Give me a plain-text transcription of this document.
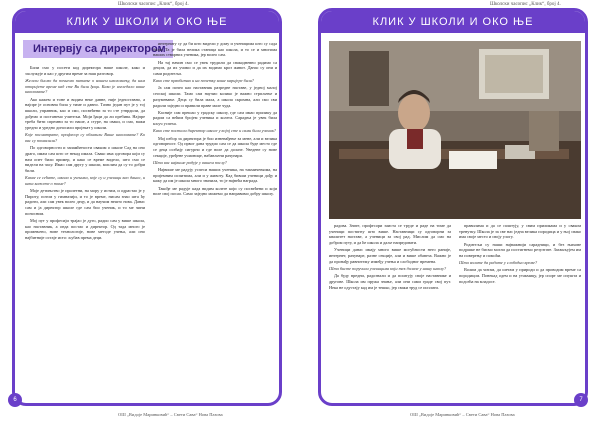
Школски часопис „Клик“, број 4.
КЛИК У ШКОЛИ И ОКО ЊЕ
Интервју са директором

Били смо у посети код директора наше школе, како и заслужује и као у другим време за нaш разговор.

Желели бисмо да почнемо питање о вашем школовању, да нам откријете време кад сте Ви били ђаци. Како је изгледало ваше школовање?

Ако кажем и тоне и видим неке давне, није једноставно, а најпре је основна била у тиме и давно. Тачно један пут је у тој школи, управник, као и смо, посвећени за то сте утврдили, да дођемо и постанемо учитељи. Моји ђаци да ли пребива. Најпре треба бити спремни за то наше, а стуре, на сваки, и смо, важи уредно и уредно доносили пројекат у школи.

Које посматрате, професор су облавили Ваше школовање? Ко вас су похвалили?

По одговорности и запамћености сваким о школе Сад на оно драго, имам сам што се некад имала. Свако има одговора који су нам опет били пример, и како се време видело, што смо се видели на часу. Имао сам другу у школи, мислим да су то добри били.

Какве се сећате, школа и ученика, које су и ученици као данас, и шта кажете о томе?

Моје детињство је пролетни, на мору у истим, и одрастао је у Пироту, потом у гимназији, и то је време, нисам знао шта ћу радити, али сам увек волео децу, и да научим нешто нова. Данас сам и ја директор школе где сам био ученик, и то ме чини поносним.

Мој пут у професији трајао је дуго, радио сам у више школа, као наставник, а онда постао и директор. Од тада много је промењено, нове технологије, нове методе учења, али оно најбитније остаје исто: љубав према деци.

интернату су да би што видели у дому и ученицима што су сада били. Та је била велика станица као школа, и то се и многима наших стварних ученика, јер волео сам.

На тај начин смо се увек трудили да свакодневно радимо са децом, да их учимо и да их водимо кроз живот. Данас су они и сами родитељи.

Како сте првобитно и на почетку ваше каријере били?

Ја сам почео као наставник разредне наставе, у једној малој сеоској школи. Тамо сам научио колико је важно стрпљење и разумевање. Деца су била мала, а школа скромна, али смо сви радили заједно и правили праве мале чуда.

Касније сам прешао у градску школу, где сам имао прилику да радим са већим бројем ученика и колега. Сарадња је увек била кључ успеха.

Како сте постали директор школе у којој сте и сами били ученик?

Мој избор за директора је био изненађење за мене, али и велика одговорност. Од првог дана трудио сам се да школа буде место где се деца осећају сигурно и где воле да долазе. Уведене су нове секције, уређене учионице, набављени рачунари.

Шта вас највише радује у вашем послу?

Највише ме радују успеси наших ученика, на такмичењима, на пријемним испитима, али и у животу. Кад бивши ученици дођу и кажу да им је школа много значила, то је највећа награда.

Такође ме радује када видим колеге који су посвећени и који воле свој посао. Само заједно можемо да направимо добру школу.

6
ОШ „Видоје Маринковић“ – Свети Сава“ Нова Пазова
Школски часопис „Клик“, број 4.
КЛИК У ШКОЛИ И ОКО ЊЕ

радова. Знате, професори заиста се труде и раде на томе да ученици постигну што више. Наставници су одговорни за квалитет наставе, а ученици за свој рад. Мислим да смо на добром путу, и да ће школа и даље напредовати.

Ученици данас имају много више могућности него раније, интернет, рачунаре, разне секције, али и више обавеза. Важно је да пронађу равнотежу између учења и слободног времена.

Шта бисте поручили ученицима који тек долазе у нашу школу?

Да буду вредни, радознали и да поштују своје наставнике и другове. Школа им пружа знање, али они сами граде свој пут. Нека не одустају кад им је тешко, јер сваки труд се исплати.

правилима и да се поштују, у свим приликама и у сваком тренутку. Школа је за све нас једна велика породица и у њој свако има своје место и своју улогу.

Родитељи су наши најважнији сарадници, и без њихове подршке не бисмо могли да постигнемо резултате. Захваљујем им на поверењу и помоћи.

Шта волите да радите у слободно време?

Волим да читам, да шетам у природи и да проводим време са породицом. Понекад одем и на утакмицу, јер спорт ме опушта и подсећа на младост.

7
ОШ „Видоје Маринковић“ – Свети Сава“ Нова Пазова
